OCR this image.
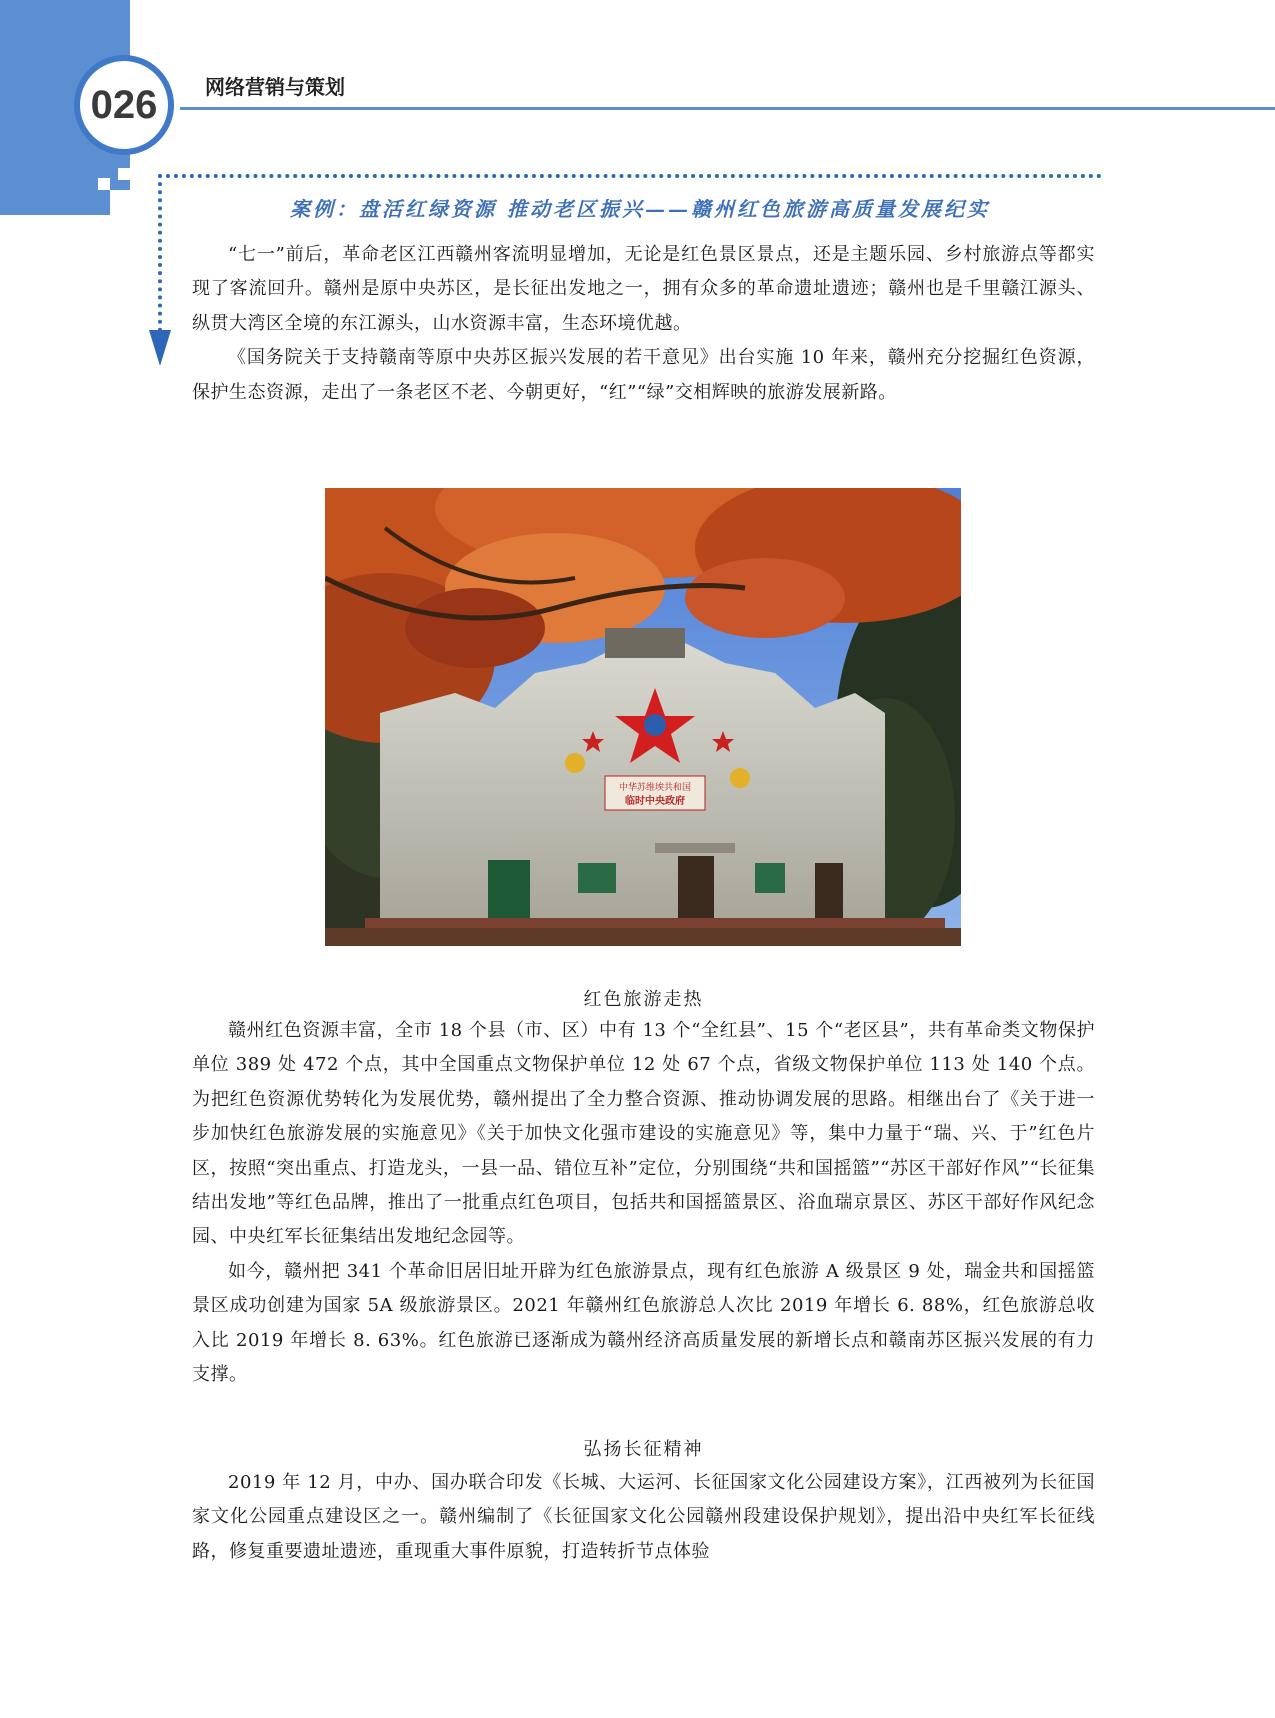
026 网络营销与策划
案例：盘活红绿资源 推动老区振兴——赣州红色旅游高质量发展纪实

“七一”前后，革命老区江西赣州客流明显增加，无论是红色景区景点，还是主题乐园、乡村旅游点等都实现了客流回升。赣州是原中央苏区，是长征出发地之一，拥有众多的革命遗址遗迹；赣州也是千里赣江源头、纵贯大湾区全境的东江源头，山水资源丰富，生态环境优越。

《国务院关于支持赣南等原中央苏区振兴发展的若干意见》出台实施 10 年来，赣州充分挖掘红色资源，保护生态资源，走出了一条老区不老、今朝更好，“红”“绿”交相辉映的旅游发展新路。

中华苏维埃共和国
临时中央政府
红色旅游走热

赣州红色资源丰富，全市 18 个县（市、区）中有 13 个“全红县”、15 个“老区县”，共有革命类文物保护单位 389 处 472 个点，其中全国重点文物保护单位 12 处 67 个点，省级文物保护单位 113 处 140 个点。为把红色资源优势转化为发展优势，赣州提出了全力整合资源、推动协调发展的思路。相继出台了《关于进一步加快红色旅游发展的实施意见》《关于加快文化强市建设的实施意见》等，集中力量于“瑞、兴、于”红色片区，按照“突出重点、打造龙头，一县一品、错位互补”定位，分别围绕“共和国摇篮”“苏区干部好作风”“长征集结出发地”等红色品牌，推出了一批重点红色项目，包括共和国摇篮景区、浴血瑞京景区、苏区干部好作风纪念园、中央红军长征集结出发地纪念园等。

如今，赣州把 341 个革命旧居旧址开辟为红色旅游景点，现有红色旅游 A 级景区 9 处，瑞金共和国摇篮景区成功创建为国家 5A 级旅游景区。2021 年赣州红色旅游总人次比 2019 年增长 6. 88%，红色旅游总收入比 2019 年增长 8. 63%。红色旅游已逐渐成为赣州经济高质量发展的新增长点和赣南苏区振兴发展的有力支撑。

弘扬长征精神

2019 年 12 月，中办、国办联合印发《长城、大运河、长征国家文化公园建设方案》，江西被列为长征国家文化公园重点建设区之一。赣州编制了《长征国家文化公园赣州段建设保护规划》，提出沿中央红军长征线路，修复重要遗址遗迹，重现重大事件原貌，打造转折节点体验
